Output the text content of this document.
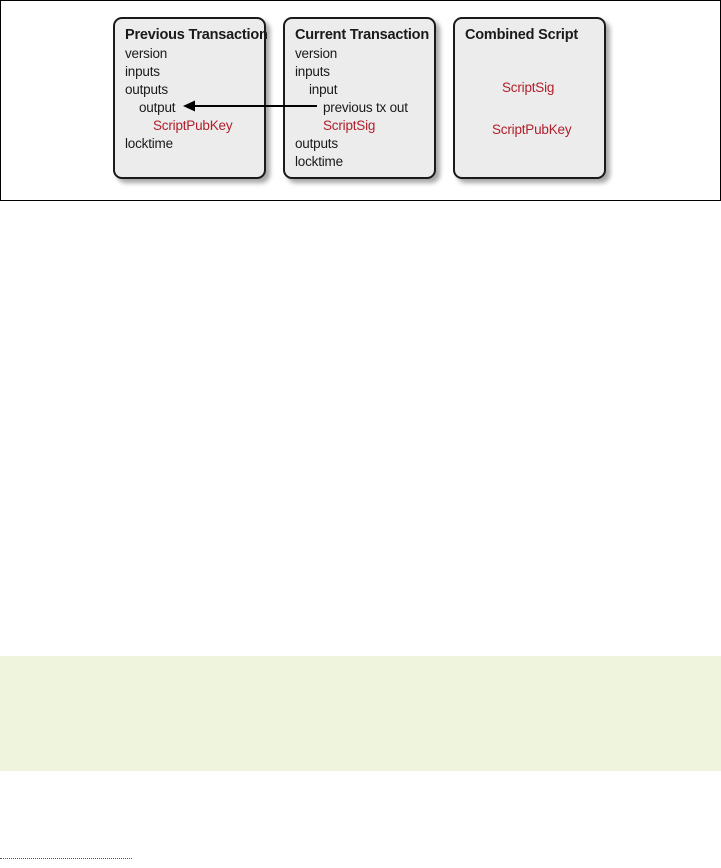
Previous Transaction
version
inputs
outputs
output
ScriptPubKey
locktime
Current Transaction
version
inputs
input
previous tx out
ScriptSig
outputs
locktime
Combined Script
ScriptSig
ScriptPubKey
